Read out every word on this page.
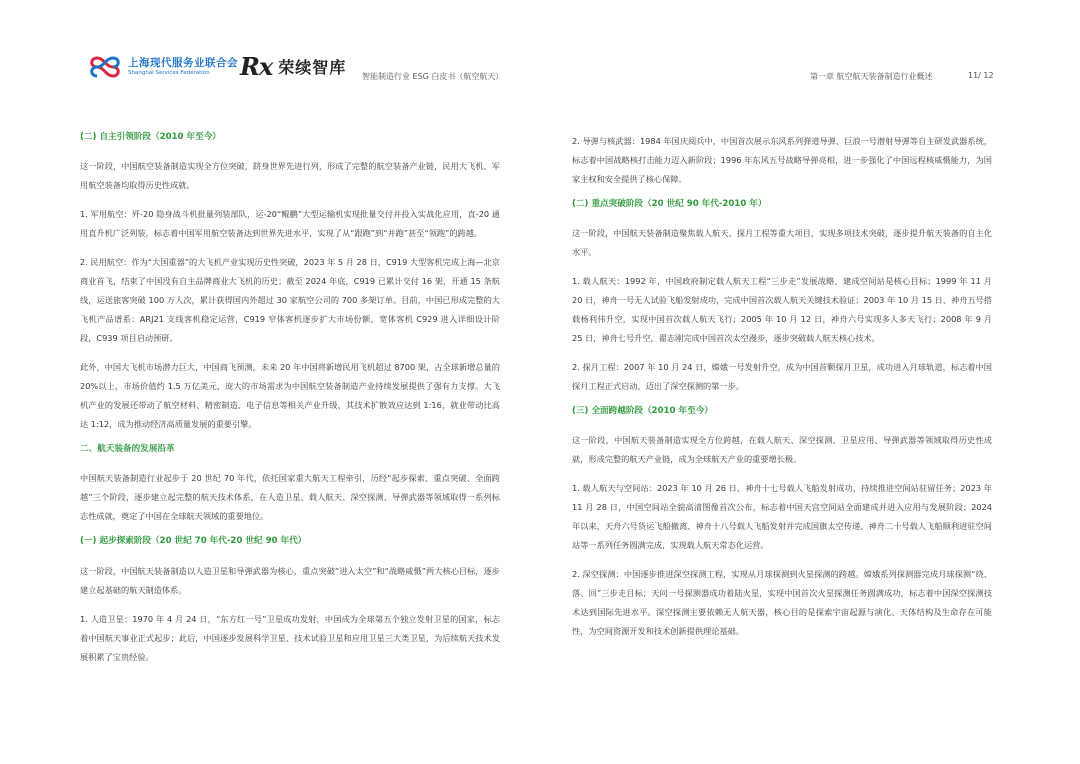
上海现代服务业联合会
Shanghai Services Federation	Rx 荣续智库 智能制造行业 ESG 白皮书（航空航天）	第一章 航空航天装备制造行业概述	11/ 12
(二) 自主引领阶段（2010 年至今）
这一阶段，中国航空装备制造实现全方位突破，跻身世界先进行列，形成了完整的航空装备产业链，民用大飞机、军用航空装备均取得历史性成就。
1. 军用航空：歼-20 隐身战斗机批量列装部队，运-20“鲲鹏”大型运输机实现批量交付并投入实战化应用，直-20 通用直升机广泛列装，标志着中国军用航空装备达到世界先进水平，实现了从“跟跑”到“并跑”甚至“领跑”的跨越。
2. 民用航空：作为“大国重器”的大飞机产业实现历史性突破，2023 年 5 月 28 日，C919 大型客机完成上海—北京商业首飞，结束了中国没有自主品牌商业大飞机的历史；截至 2024 年底，C919 已累计交付 16 架，开通 15 条航线，运送旅客突破 100 万人次，累计获得国内外超过 30 家航空公司的 700 多架订单。目前，中国已形成完整的大飞机产品谱系：ARJ21 支线客机稳定运营，C919 窄体客机逐步扩大市场份额，宽体客机 C929 进入详细设计阶段，C939 项目启动预研。
此外，中国大飞机市场潜力巨大，中国商飞预测，未来 20 年中国将新增民用飞机超过 8700 架，占全球新增总量的 20%以上，市场价值约 1.5 万亿美元，庞大的市场需求为中国航空装备制造产业持续发展提供了强有力支撑。大飞机产业的发展还带动了航空材料、精密制造、电子信息等相关产业升级，其技术扩散效应达到 1:16，就业带动比高达 1:12，成为推动经济高质量发展的重要引擎。
二、航天装备的发展沿革
中国航天装备制造行业起步于 20 世纪 70 年代，依托国家重大航天工程牵引，历经“起步探索、重点突破、全面跨越”三个阶段，逐步建立起完整的航天技术体系，在人造卫星、载人航天、深空探测、导弹武器等领域取得一系列标志性成就，奠定了中国在全球航天领域的重要地位。
(一) 起步探索阶段（20 世纪 70 年代-20 世纪 90 年代）
这一阶段，中国航天装备制造以人造卫星和导弹武器为核心，重点突破“进入太空”和“战略威慑”两大核心目标，逐步建立起基础的航天制造体系。
1. 人造卫星：1970 年 4 月 24 日，“东方红一号”卫星成功发射，中国成为全球第五个独立发射卫星的国家，标志着中国航天事业正式起步；此后，中国逐步发展科学卫星、技术试验卫星和应用卫星三大类卫星，为后续航天技术发展积累了宝贵经验。
2. 导弹与核武器：1984 年国庆阅兵中，中国首次展示东风系列弹道导弹、巨浪一号潜射导弹等自主研发武器系统，标志着中国战略核打击能力迈入新阶段；1996 年东风五号战略导弹亮相，进一步强化了中国远程核威慑能力，为国家主权和安全提供了核心保障。
(二) 重点突破阶段（20 世纪 90 年代-2010 年）
这一阶段，中国航天装备制造聚焦载人航天、探月工程等重大项目，实现多项技术突破，逐步提升航天装备的自主化水平。
1. 载人航天：1992 年，中国政府制定载人航天工程“三步走”发展战略，建成空间站是核心目标；1999 年 11 月 20 日，神舟一号无人试验飞船发射成功，完成中国首次载人航天关键技术验证；2003 年 10 月 15 日，神舟五号搭载杨利伟升空，实现中国首次载人航天飞行；2005 年 10 月 12 日，神舟六号实现多人多天飞行；2008 年 9 月 25 日，神舟七号升空，翟志刚完成中国首次太空漫步，逐步突破载人航天核心技术。
2. 探月工程：2007 年 10 月 24 日，嫦娥一号发射升空，成为中国首颗探月卫星，成功进入月球轨道，标志着中国探月工程正式启动，迈出了深空探测的第一步。
(三) 全面跨越阶段（2010 年至今）
这一阶段，中国航天装备制造实现全方位跨越，在载人航天、深空探测、卫星应用、导弹武器等领域取得历史性成就，形成完整的航天产业链，成为全球航天产业的重要增长极。
1. 载人航天与空间站：2023 年 10 月 26 日，神舟十七号载人飞船发射成功，持续推进空间站驻留任务；2023 年 11 月 28 日，中国空间站全貌高清图像首次公布，标志着中国天宫空间站全面建成并进入应用与发展阶段；2024 年以来，天舟六号货运飞船撤离、神舟十八号载人飞船发射并完成国旗太空传递、神舟二十号载人飞船顺利进驻空间站等一系列任务圆满完成，实现载人航天常态化运营。
2. 深空探测：中国逐步推进深空探测工程，实现从月球探测到火星探测的跨越。嫦娥系列探测器完成月球探测“绕、落、回”三步走目标；天问一号探测器成功着陆火星，实现中国首次火星探测任务圆满成功，标志着中国深空探测技术达到国际先进水平。深空探测主要依赖无人航天器，核心目的是探索宇宙起源与演化、天体结构及生命存在可能性，为空间资源开发和技术创新提供理论基础。
